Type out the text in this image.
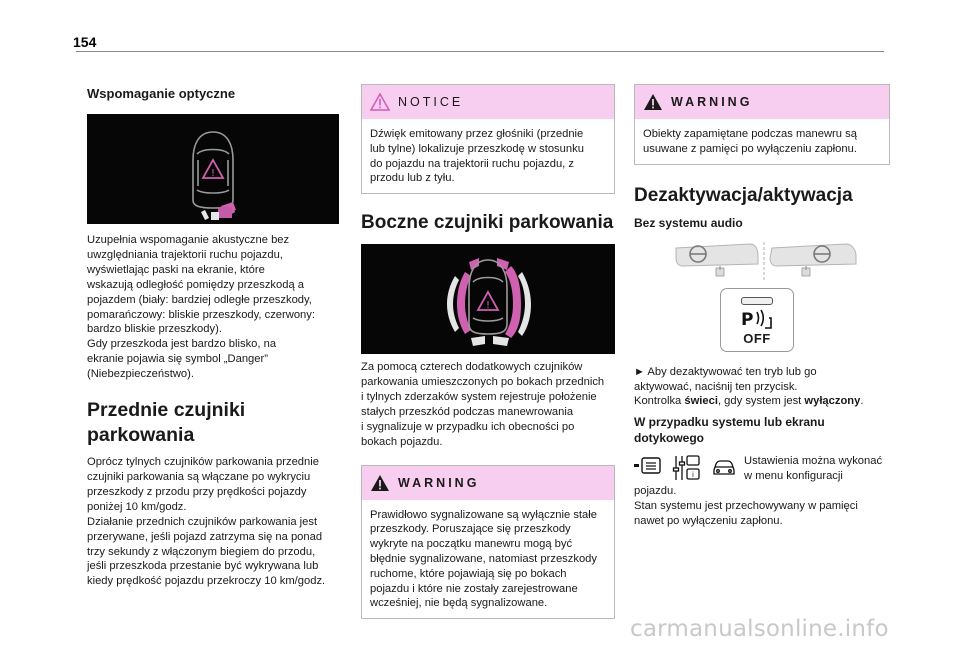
154
Wspomaganie optyczne
!

Uzupełnia wspomaganie akustyczne bez
uwzględniania trajektorii ruchu pojazdu,
wyświetlając paski na ekranie, które
wskazują odległość pomiędzy przeszkodą a
pojazdem (biały: bardziej odległe przeszkody,
pomarańczowy: bliskie przeszkody, czerwony:
bardzo bliskie przeszkody).
Gdy przeszkoda jest bardzo blisko, na
ekranie pojawia się symbol „Danger”
(Niebezpieczeństwo).

Przednie czujniki
parkowania

Oprócz tylnych czujników parkowania przednie
czujniki parkowania są włączane po wykryciu
przeszkody z przodu przy prędkości pojazdy
poniżej 10 km/godz.
Działanie przednich czujników parkowania jest
przerywane, jeśli pojazd zatrzyma się na ponad
trzy sekundy z włączonym biegiem do przodu,
jeśli przeszkoda przestanie być wykrywana lub
kiedy prędkość pojazdu przekroczy 10 km/godz.

NOTICE

Dźwięk emitowany przez głośniki (przednie
lub tylne) lokalizuje przeszkodę w stosunku
do pojazdu na trajektorii ruchu pojazdu, z
przodu lub z tyłu.

Boczne czujniki parkowania
!

Za pomocą czterech dodatkowych czujników
parkowania umieszczonych po bokach przednich
i tylnych zderzaków system rejestruje położenie
stałych przeszkód podczas manewrowania
i sygnalizuje w przypadku ich obecności po
bokach pojazdu.

WARNING

Prawidłowo sygnalizowane są wyłącznie stałe
przeszkody. Poruszające się przeszkody
wykryte na początku manewru mogą być
błędnie sygnalizowane, natomiast przeszkody
ruchome, które pojawiają się po bokach
pojazdu i które nie zostały zarejestrowane
wcześniej, nie będą sygnalizowane.

WARNING

Obiekty zapamiętane podczas manewru są
usuwane z pamięci po wyłączeniu zapłonu.

Dezaktywacja/aktywacja
Bez systemu audio
P
OFF

► Aby dezaktywować ten tryb lub go
aktywować, naciśnij ten przycisk.

Kontrolka świeci, gdy system jest wyłączony.

W przypadku systemu lub ekranu
dotykowego
i

Ustawienia można wykonać
w menu konfiguracji

pojazdu.
Stan systemu jest przechowywany w pamięci
nawet po wyłączeniu zapłonu.

carmanualsonline.info
